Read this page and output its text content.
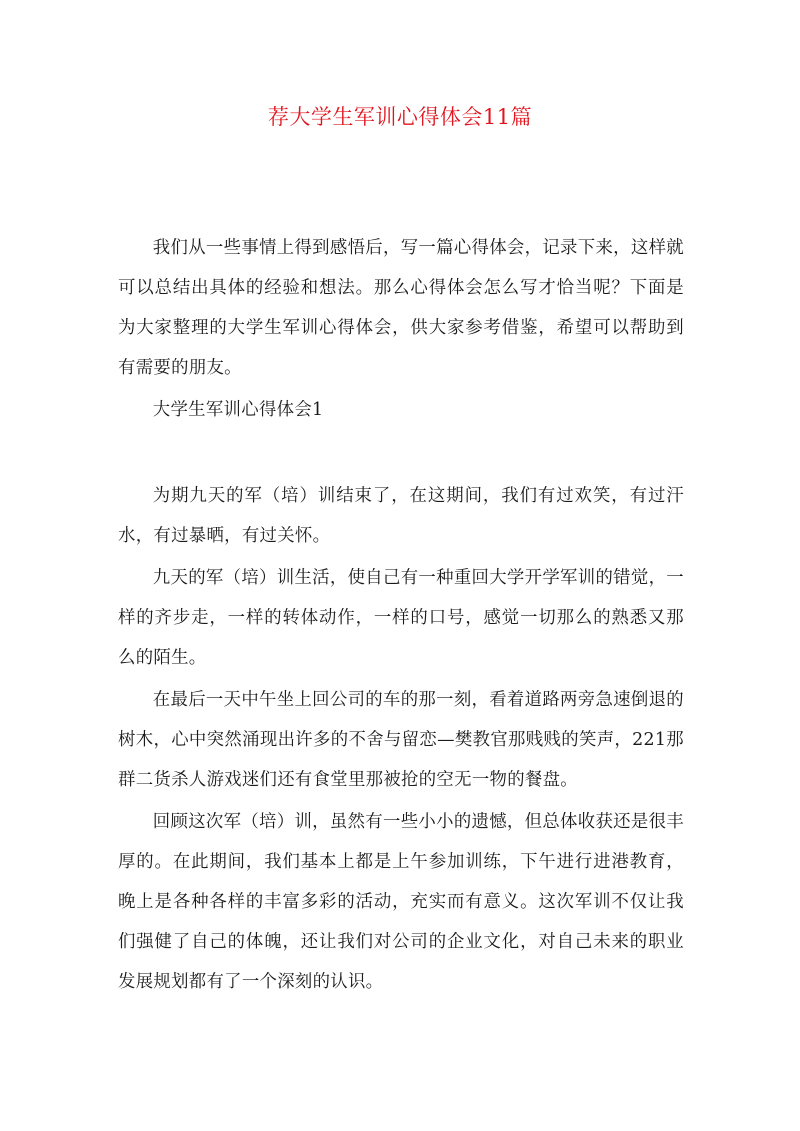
荐大学生军训心得体会11篇

我们从一些事情上得到感悟后，写一篇心得体会，记录下来，这样就可以总结出具体的经验和想法。那么心得体会怎么写才恰当呢？下面是为大家整理的大学生军训心得体会，供大家参考借鉴，希望可以帮助到有需要的朋友。

大学生军训心得体会1

为期九天的军（培）训结束了，在这期间，我们有过欢笑，有过汗水，有过暴晒，有过关怀。

九天的军（培）训生活，使自己有一种重回大学开学军训的错觉，一样的齐步走，一样的转体动作，一样的口号，感觉一切那么的熟悉又那么的陌生。

在最后一天中午坐上回公司的车的那一刻，看着道路两旁急速倒退的树木，心中突然涌现出许多的不舍与留恋—樊教官那贱贱的笑声，221那群二货杀人游戏迷们还有食堂里那被抢的空无一物的餐盘。

回顾这次军（培）训，虽然有一些小小的遗憾，但总体收获还是很丰厚的。在此期间，我们基本上都是上午参加训练，下午进行进港教育，晚上是各种各样的丰富多彩的活动，充实而有意义。这次军训不仅让我们强健了自己的体魄，还让我们对公司的企业文化，对自己未来的职业发展规划都有了一个深刻的认识。
